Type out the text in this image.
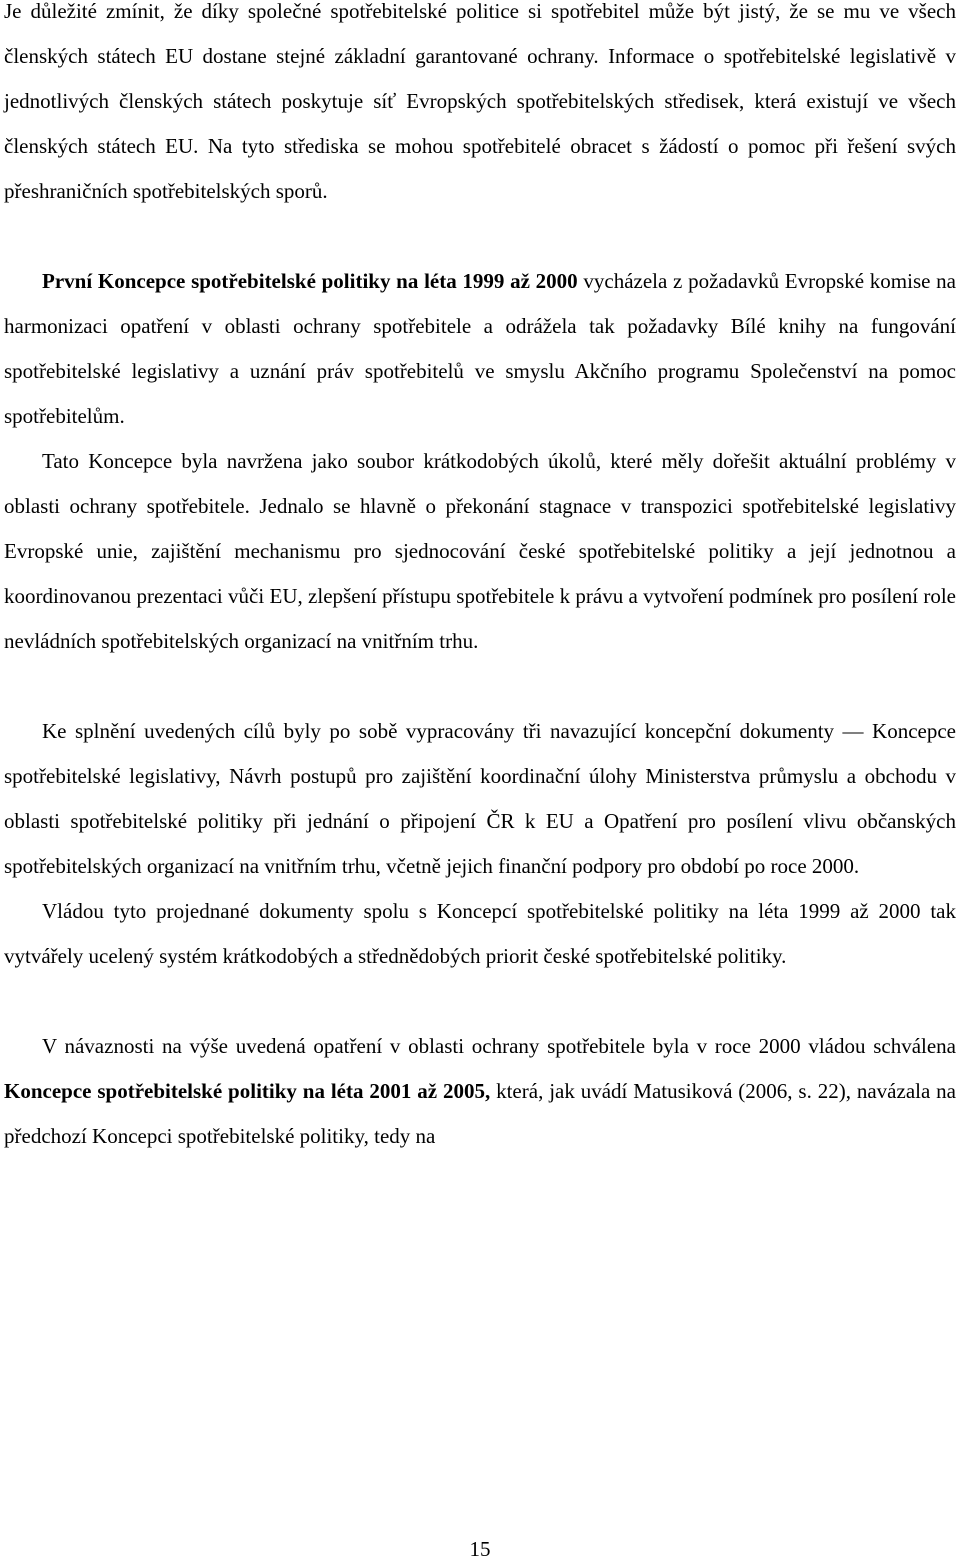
Je důležité zmínit, že díky společné spotřebitelské politice si spotřebitel může být jistý, že se mu ve všech členských státech EU dostane stejné základní garantované ochrany. Informace o spotřebitelské legislativě v jednotlivých členských státech poskytuje síť Evropských spotřebitelských středisek, která existují ve všech členských státech EU. Na tyto střediska se mohou spotřebitelé obracet s žádostí o pomoc při řešení svých přeshraničních spotřebitelských sporů.

První Koncepce spotřebitelské politiky na léta 1999 až 2000 vycházela z požadavků Evropské komise na harmonizaci opatření v oblasti ochrany spotřebitele a odrážela tak požadavky Bílé knihy na fungování spotřebitelské legislativy a uznání práv spotřebitelů ve smyslu Akčního programu Společenství na pomoc spotřebitelům.

Tato Koncepce byla navržena jako soubor krátkodobých úkolů, které měly dořešit aktuální problémy v oblasti ochrany spotřebitele. Jednalo se hlavně o překonání stagnace v transpozici spotřebitelské legislativy Evropské unie, zajištění mechanismu pro sjednocování české spotřebitelské politiky a její jednotnou a koordinovanou prezentaci vůči EU, zlepšení přístupu spotřebitele k právu a vytvoření podmínek pro posílení role nevládních spotřebitelských organizací na vnitřním trhu.

Ke splnění uvedených cílů byly po sobě vypracovány tři navazující koncepční dokumenty — Koncepce spotřebitelské legislativy, Návrh postupů pro zajištění koordinační úlohy Ministerstva průmyslu a obchodu v oblasti spotřebitelské politiky při jednání o připojení ČR k EU a Opatření pro posílení vlivu občanských spotřebitelských organizací na vnitřním trhu, včetně jejich finanční podpory pro období po roce 2000.

Vládou tyto projednané dokumenty spolu s Koncepcí spotřebitelské politiky na léta 1999 až 2000 tak vytvářely ucelený systém krátkodobých a střednědobých priorit české spotřebitelské politiky.

V návaznosti na výše uvedená opatření v oblasti ochrany spotřebitele byla v roce 2000 vládou schválena Koncepce spotřebitelské politiky na léta 2001 až 2005, která, jak uvádí Matusiková (2006, s. 22), navázala na předchozí Koncepci spotřebitelské politiky, tedy na

15
